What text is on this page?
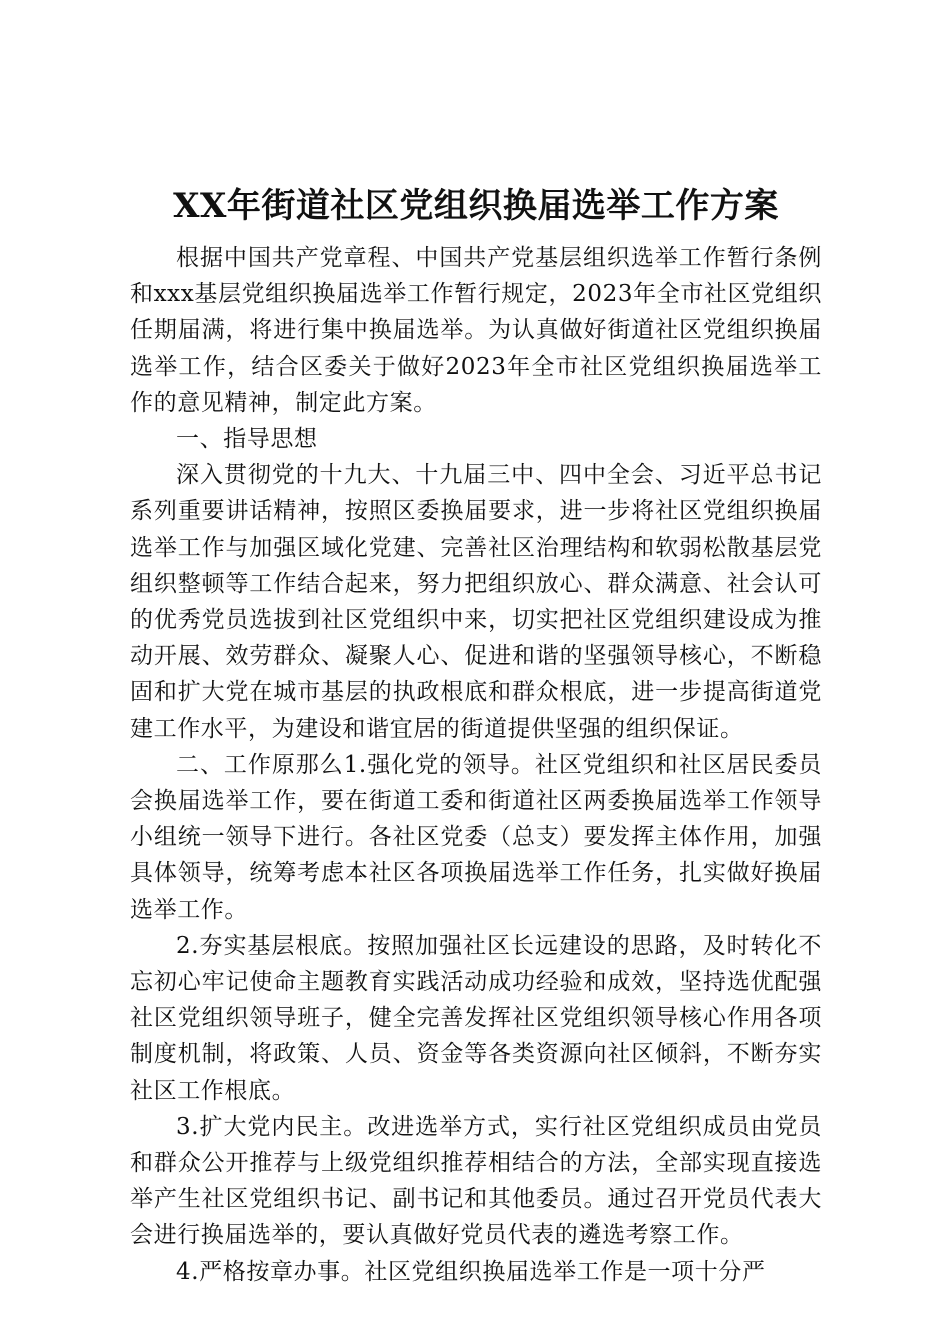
XX年街道社区党组织换届选举工作方案

根据中国共产党章程、中国共产党基层组织选举工作暂行条例和xxx基层党组织换届选举工作暂行规定，2023年全市社区党组织任期届满，将进行集中换届选举。为认真做好街道社区党组织换届选举工作，结合区委关于做好2023年全市社区党组织换届选举工作的意见精神，制定此方案。

一、指导思想

深入贯彻党的十九大、十九届三中、四中全会、习近平总书记系列重要讲话精神，按照区委换届要求，进一步将社区党组织换届选举工作与加强区域化党建、完善社区治理结构和软弱松散基层党组织整顿等工作结合起来，努力把组织放心、群众满意、社会认可的优秀党员选拔到社区党组织中来，切实把社区党组织建设成为推动开展、效劳群众、凝聚人心、促进和谐的坚强领导核心，不断稳固和扩大党在城市基层的执政根底和群众根底，进一步提高街道党建工作水平，为建设和谐宜居的街道提供坚强的组织保证。

二、工作原那么1.强化党的领导。社区党组织和社区居民委员会换届选举工作，要在街道工委和街道社区两委换届选举工作领导小组统一领导下进行。各社区党委（总支）要发挥主体作用，加强具体领导，统筹考虑本社区各项换届选举工作任务，扎实做好换届选举工作。

2.夯实基层根底。按照加强社区长远建设的思路，及时转化不忘初心牢记使命主题教育实践活动成功经验和成效，坚持选优配强社区党组织领导班子，健全完善发挥社区党组织领导核心作用各项制度机制，将政策、人员、资金等各类资源向社区倾斜，不断夯实社区工作根底。

3.扩大党内民主。改进选举方式，实行社区党组织成员由党员和群众公开推荐与上级党组织推荐相结合的方法，全部实现直接选举产生社区党组织书记、副书记和其他委员。通过召开党员代表大会进行换届选举的，要认真做好党员代表的遴选考察工作。

4.严格按章办事。社区党组织换届选举工作是一项十分严
